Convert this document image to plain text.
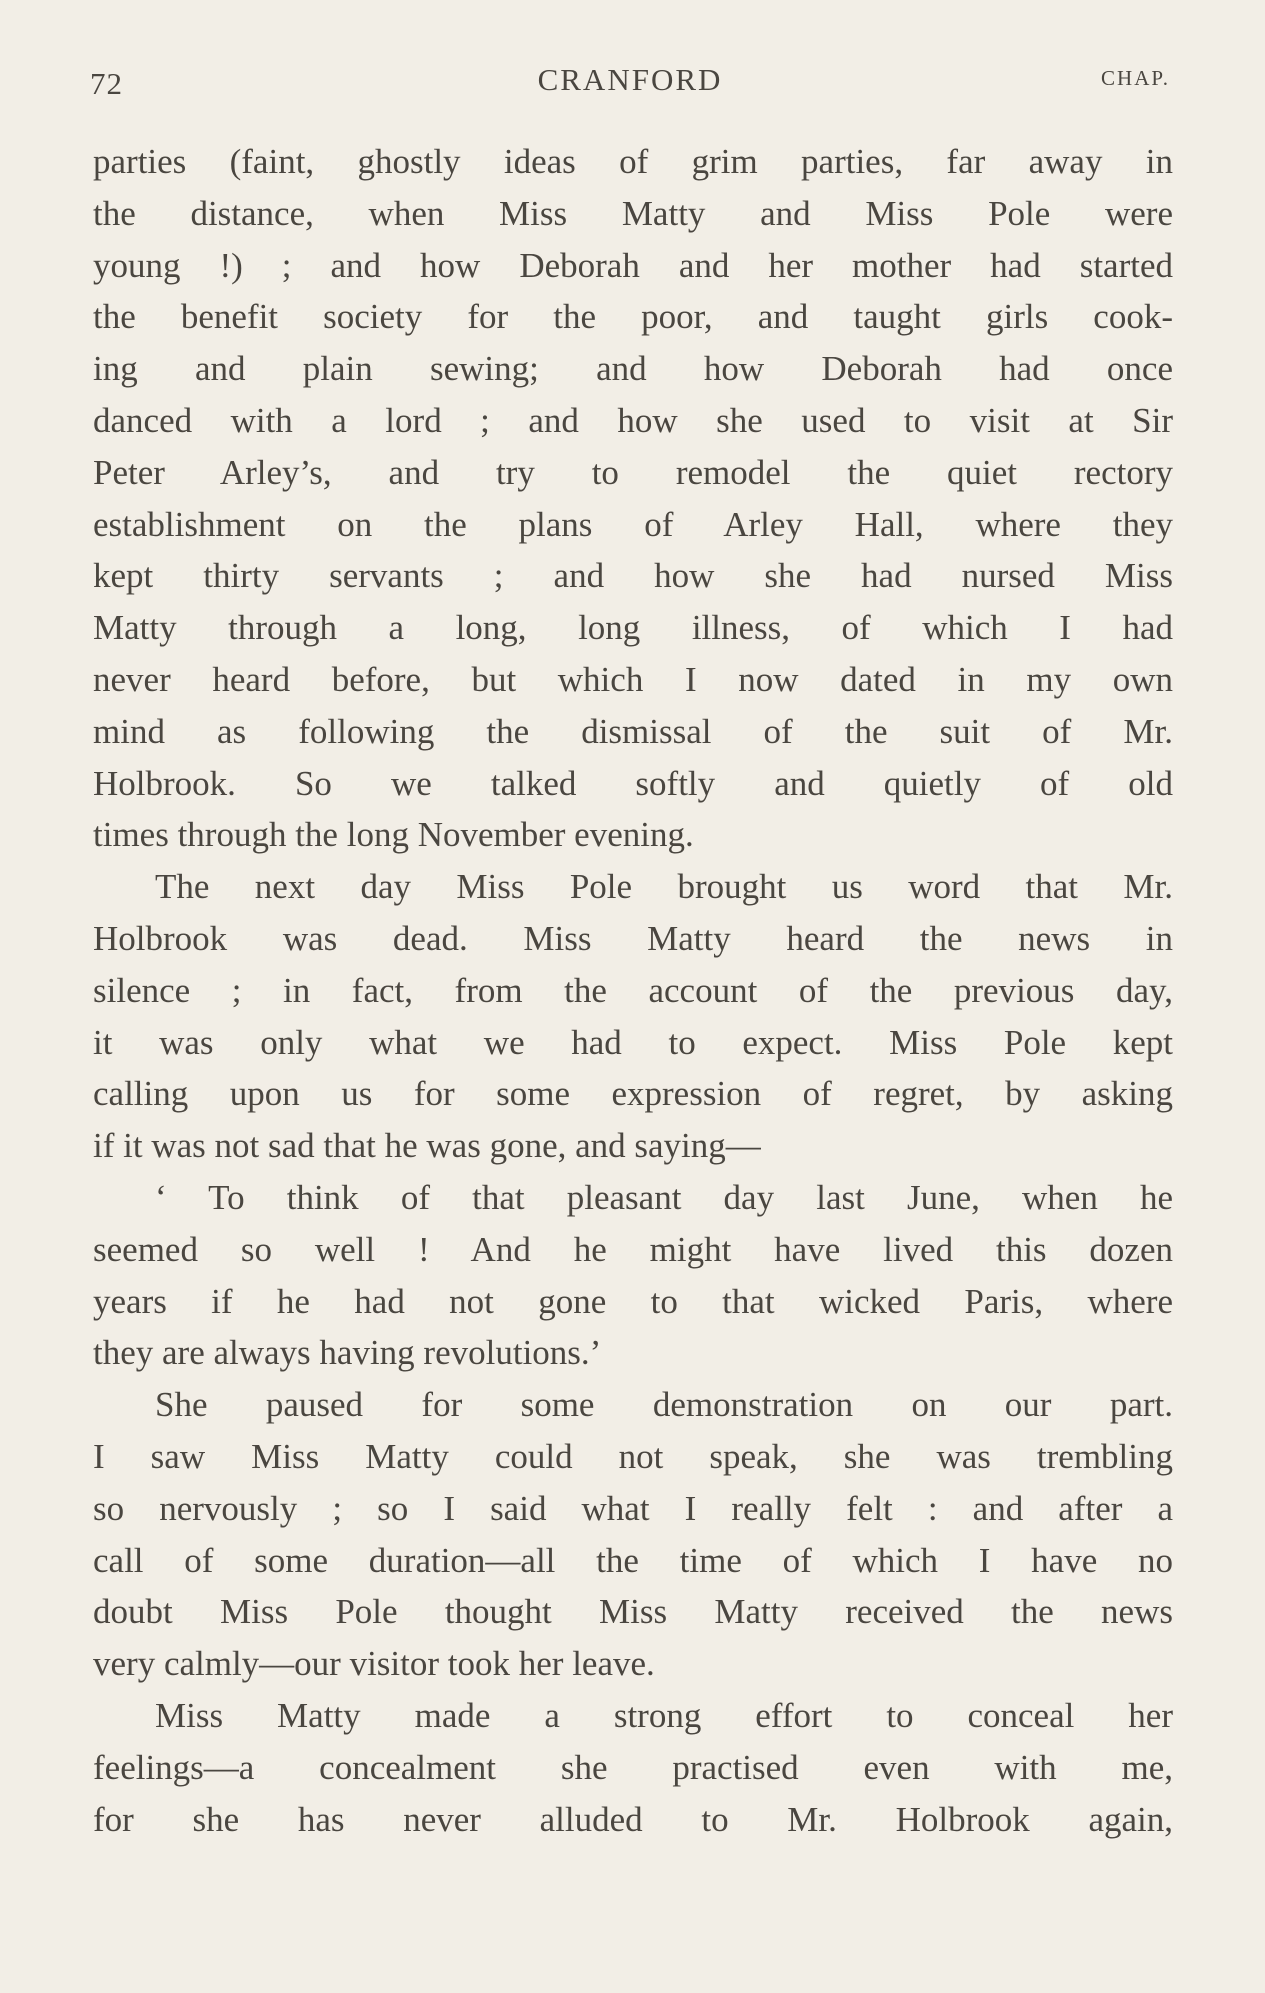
72	CRANFORD	CHAP.
parties (faint, ghostly ideas of grim parties, far away in
the distance, when Miss Matty and Miss Pole were
young !) ; and how Deborah and her mother had started
the benefit society for the poor, and taught girls cook-
ing and plain sewing; and how Deborah had once
danced with a lord ; and how she used to visit at Sir
Peter Arley’s, and try to remodel the quiet rectory
establishment on the plans of Arley Hall, where they
kept thirty servants ; and how she had nursed Miss
Matty through a long, long illness, of which I had
never heard before, but which I now dated in my own
mind as following the dismissal of the suit of Mr.
Holbrook. So we talked softly and quietly of old
times through the long November evening.
The next day Miss Pole brought us word that Mr.
Holbrook was dead. Miss Matty heard the news in
silence ; in fact, from the account of the previous day,
it was only what we had to expect. Miss Pole kept
calling upon us for some expression of regret, by asking
if it was not sad that he was gone, and saying—
‘ To think of that pleasant day last June, when he
seemed so well ! And he might have lived this dozen
years if he had not gone to that wicked Paris, where
they are always having revolutions.’
She paused for some demonstration on our part.
I saw Miss Matty could not speak, she was trembling
so nervously ; so I said what I really felt : and after a
call of some duration—all the time of which I have no
doubt Miss Pole thought Miss Matty received the news
very calmly—our visitor took her leave.
Miss Matty made a strong effort to conceal her
feelings—a concealment she practised even with me,
for she has never alluded to Mr. Holbrook again,
